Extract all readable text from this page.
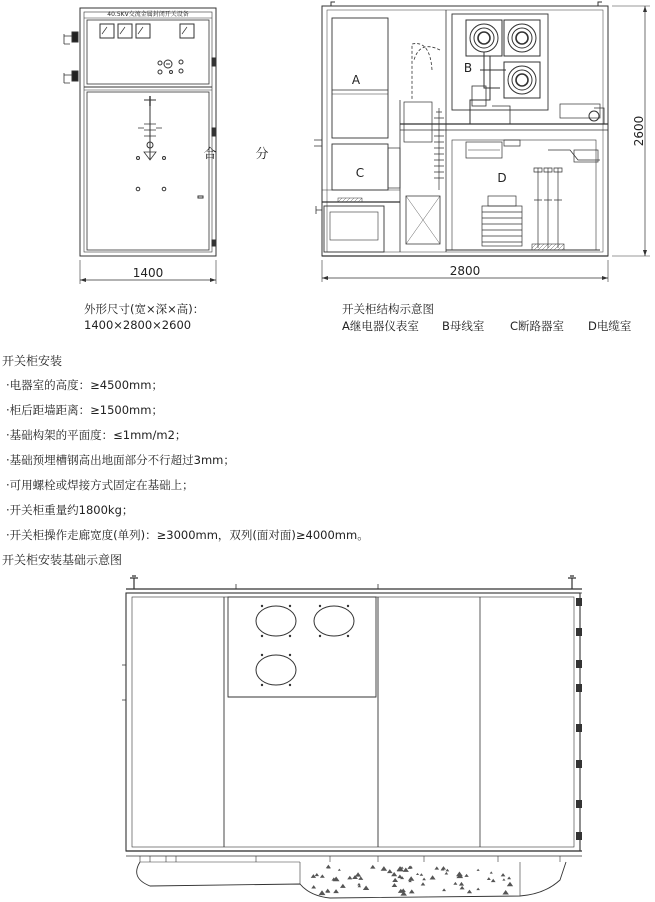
40.5KV交流金属封闭开关设备
合
1400
A
B
C	D
分
2800
2600
外形尺寸(宽×深×高)：
1400×2800×2600
开关柜结构示意图
A继电器仪表室 B母线室 C断路器室 D电缆室
开关柜安装
·电器室的高度：≥4500mm；
·柜后距墙距离：≥1500mm；
·基础构架的平面度：≤1mm/m2；
·基础预埋槽钢高出地面部分不行超过3mm；
·可用螺栓或焊接方式固定在基础上；
·开关柜重量约1800kg；
·开关柜操作走廊宽度(单列)：≥3000mm，双列(面对面)≥4000mm。
开关柜安装基础示意图
